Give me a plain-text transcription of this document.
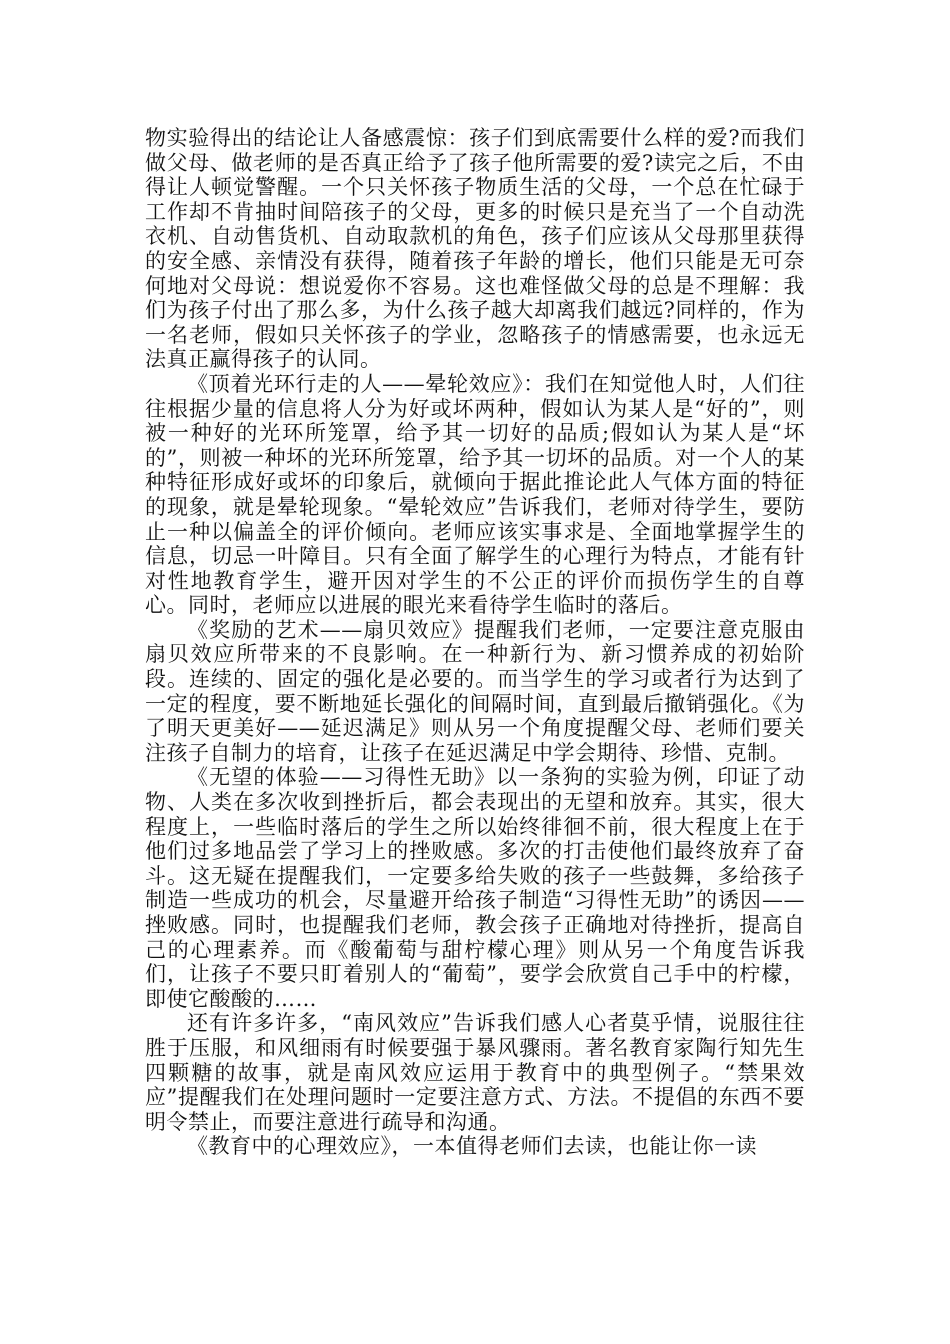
物实验得出的结论让人备感震惊：孩子们到底需要什么样的爱?而我们做父母、做老师的是否真正给予了孩子他所需要的爱?读完之后，不由得让人顿觉警醒。一个只关怀孩子物质生活的父母，一个总在忙碌于工作却不肯抽时间陪孩子的父母，更多的时候只是充当了一个自动洗衣机、自动售货机、自动取款机的角色，孩子们应该从父母那里获得的安全感、亲情没有获得，随着孩子年龄的增长，他们只能是无可奈何地对父母说：想说爱你不容易。这也难怪做父母的总是不理解：我们为孩子付出了那么多，为什么孩子越大却离我们越远?同样的，作为一名老师，假如只关怀孩子的学业，忽略孩子的情感需要，也永远无法真正赢得孩子的认同。

《顶着光环行走的人——晕轮效应》：我们在知觉他人时，人们往往根据少量的信息将人分为好或坏两种，假如认为某人是“好的”，则被一种好的光环所笼罩，给予其一切好的品质;假如认为某人是“坏的”，则被一种坏的光环所笼罩，给予其一切坏的品质。对一个人的某种特征形成好或坏的印象后，就倾向于据此推论此人气体方面的特征的现象，就是晕轮现象。“晕轮效应”告诉我们，老师对待学生，要防止一种以偏盖全的评价倾向。老师应该实事求是、全面地掌握学生的信息，切忌一叶障目。只有全面了解学生的心理行为特点，才能有针对性地教育学生，避开因对学生的不公正的评价而损伤学生的自尊心。同时，老师应以进展的眼光来看待学生临时的落后。

《奖励的艺术——扇贝效应》提醒我们老师，一定要注意克服由扇贝效应所带来的不良影响。在一种新行为、新习惯养成的初始阶段。连续的、固定的强化是必要的。而当学生的学习或者行为达到了一定的程度，要不断地延长强化的间隔时间，直到最后撤销强化。《为了明天更美好——延迟满足》则从另一个角度提醒父母、老师们要关注孩子自制力的培育，让孩子在延迟满足中学会期待、珍惜、克制。

《无望的体验——习得性无助》以一条狗的实验为例，印证了动物、人类在多次收到挫折后，都会表现出的无望和放弃。其实，很大程度上，一些临时落后的学生之所以始终徘徊不前，很大程度上在于他们过多地品尝了学习上的挫败感。多次的打击使他们最终放弃了奋斗。这无疑在提醒我们，一定要多给失败的孩子一些鼓舞，多给孩子制造一些成功的机会，尽量避开给孩子制造“习得性无助”的诱因——挫败感。同时，也提醒我们老师，教会孩子正确地对待挫折，提高自己的心理素养。而《酸葡萄与甜柠檬心理》则从另一个角度告诉我们，让孩子不要只盯着别人的“葡萄”，要学会欣赏自己手中的柠檬，即使它酸酸的……

还有许多许多，“南风效应”告诉我们感人心者莫乎情，说服往往胜于压服，和风细雨有时候要强于暴风骤雨。著名教育家陶行知先生四颗糖的故事，就是南风效应运用于教育中的典型例子。“禁果效应”提醒我们在处理问题时一定要注意方式、方法。不提倡的东西不要明令禁止，而要注意进行疏导和沟通。

《教育中的心理效应》，一本值得老师们去读，也能让你一读
